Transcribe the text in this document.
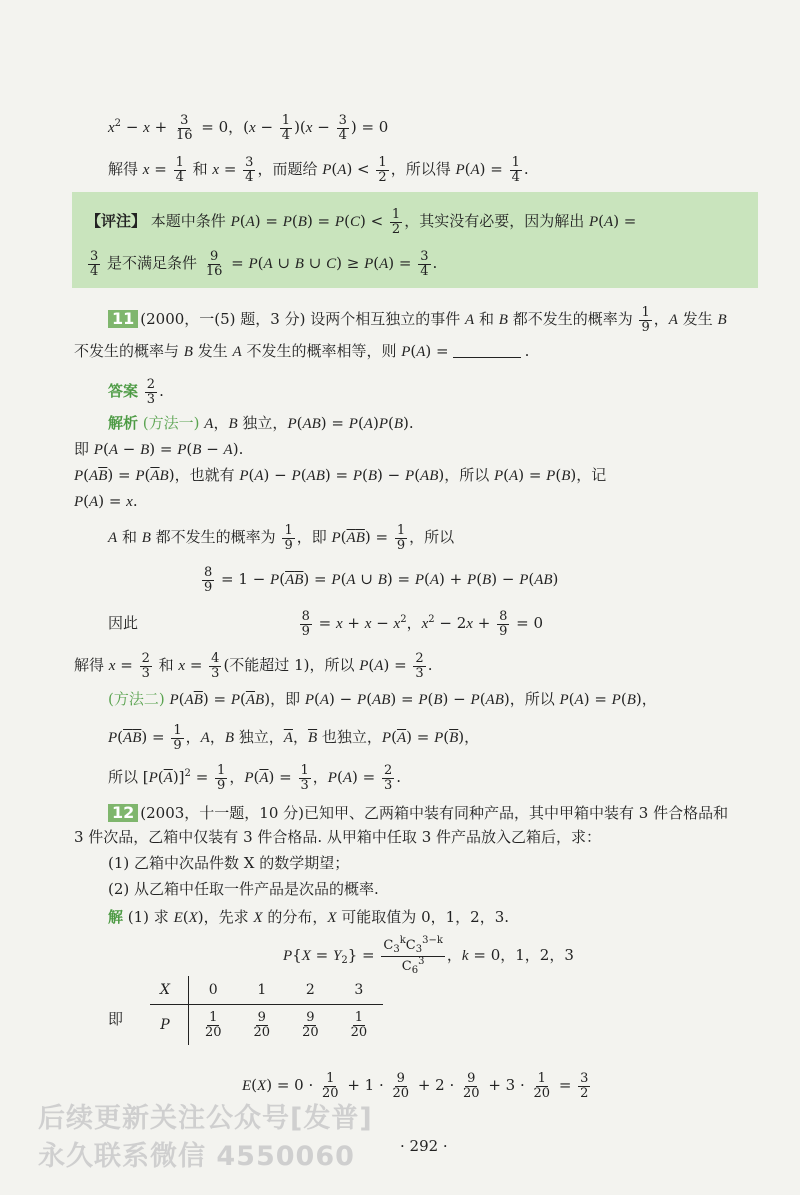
$x^2 - x + \frac{3}{16} = 0$，$(x - \frac{1}{4} )(x - \frac{3}{4}$ ) = 0
解得 $x = \frac{1}{4}$ 和 $x = \frac{3}{4}$ ，而题给 $P(A) < \frac{1}{2}$ ，所以得 $P(A) = \frac{1}{4}$ .
【评注】 本题中条件 $P(A) = P(B) = P(C) < \frac{1}{2}$ ，其实没有必要，因为解出 P(A) =
$\frac{3}{4}$ 是不满足条件 $\frac{9}{16} = P(A$ ∪ B ∪ $C) \ge P(A) = \frac{3}{4}$ .
11 (2000，一(5) 题，3 分) 设两个相互独立的事件 A 和 B 都不发生的概率为 $\frac{1}{9}$ ，A 发生 B
不发生的概率与 B 发生 A 不发生的概率相等，则 P(A) =	.
答案 $\frac{2}{3}$ .
解析 (方法一) A，B 独立，P(AB) = P(A)P(B).
即 P(A − B) = P(B − A).
$P(A\overline{B}) = P(\overline{A}B)$，也就有 P(A) − P(AB) = P(B) − P(AB)，所以 P(A) = P(B)，记
P(A) = x.
A 和 B 都不发生的概率为 $\frac{1}{9}$ ，即 $P(\overline{A}\overline{B}) = \frac{1}{9}$ ，所以
$\frac{8}{9} = 1 - P(\overline{A}\overline{B}) = P(A$ ∪ B) = P(A) + P(B) − P(AB)
因此	$\frac{8}{9} = x + x - x^2$，$x^2 - 2x + \frac{8}{9} = 0$
解得 $x = \frac{2}{3}$ 和 $x = \frac{4}{3}$ (不能超过 1)，所以 $P(A) = \frac{2}{3}$ .
(方法二) $P(A\overline{B}) = P(\overline{A}B)$，即 P(A) − P(AB) = P(B) − P(AB)，所以 P(A) = P(B)，
$P(\overline{A}\overline{B}) = \frac{1}{9}$ ，A，B 独立，$\overline{A}$，$\overline{B}$ 也独立，$P(\overline{A}) = P(\overline{B})$，
所以 $[P(\overline{A})]^2 = \frac{1}{9}$ ，$P(\overline{A}) = \frac{1}{3}$ ，$P(A) = \frac{2}{3}$ .
12 (2003，十一题，10 分)已知甲、乙两箱中装有同种产品，其中甲箱中装有 3 件合格品和
3 件次品，乙箱中仅装有 3 件合格品. 从甲箱中任取 3 件产品放入乙箱后，求：
(1) 乙箱中次品件数 X 的数学期望；
(2) 从乙箱中任取一件产品是次品的概率.
解 (1) 求 E(X)，先求 X 的分布，X 可能取值为 0，1，2，3.
$P\{X = Y_2\} = \frac{C_3^kC_3^{3-k}}{C_6^3}$ ，k = 0，1，2，3
即
X	0	1	2	3
P	$\frac{1}{20}$	$\frac{9}{20}$	$\frac{9}{20}$	$\frac{1}{20}$
$E(X) = 0 \cdot \frac{1}{20} + 1 \cdot \frac{9}{20} + 2 \cdot \frac{9}{20} + 3 \cdot \frac{1}{20} = \frac{3}{2}$
后续更新关注公众号[发普]
永久联系微信 4550060	· 292 ·
